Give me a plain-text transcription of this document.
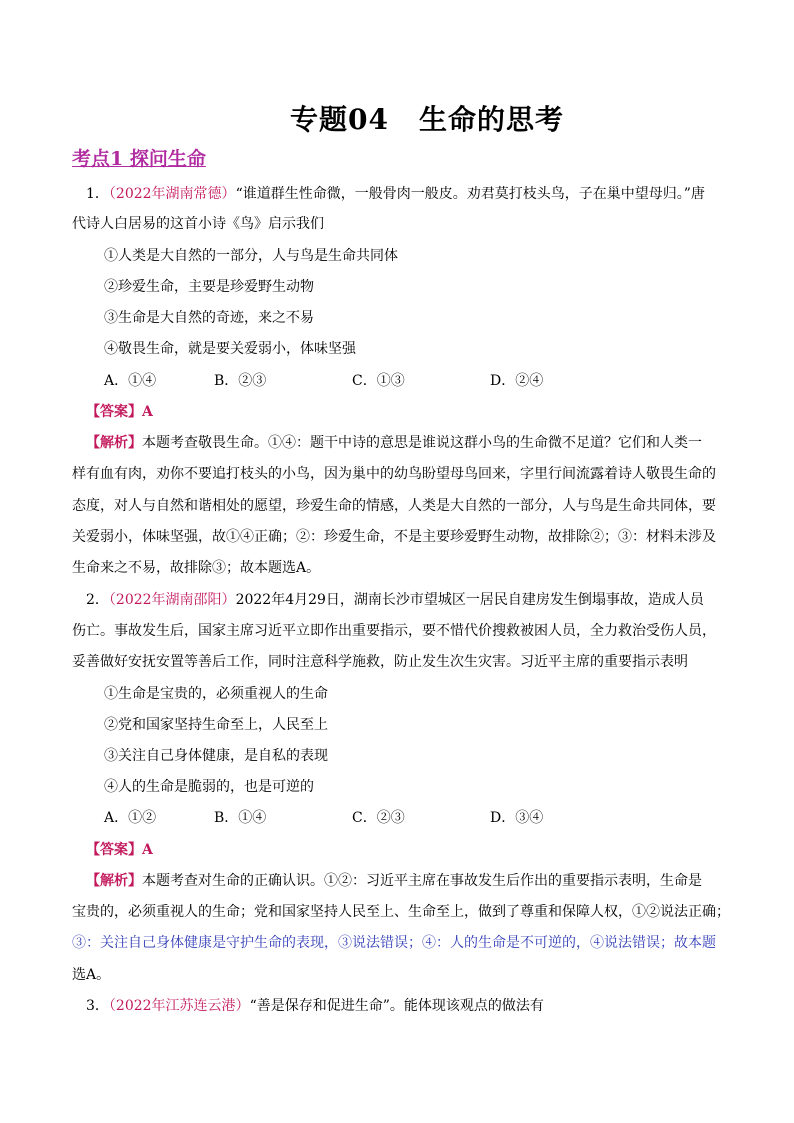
专题04 生命的思考
考点1 探问生命
1．（2022年湖南常德）“谁道群生性命微，一般骨肉一般皮。劝君莫打枝头鸟，子在巢中望母归。”唐
代诗人白居易的这首小诗《鸟》启示我们
①人类是大自然的一部分，人与鸟是生命共同体
②珍爱生命，主要是珍爱野生动物
③生命是大自然的奇迹，来之不易
④敬畏生命，就是要关爱弱小，体味坚强
A．①④	B．②③	C．①③	D．②④
【答案】A
【解析】本题考查敬畏生命。①④：题干中诗的意思是谁说这群小鸟的生命微不足道？它们和人类一
样有血有肉，劝你不要追打枝头的小鸟，因为巢中的幼鸟盼望母鸟回来，字里行间流露着诗人敬畏生命的
态度，对人与自然和谐相处的愿望，珍爱生命的情感，人类是大自然的一部分，人与鸟是生命共同体，要
关爱弱小，体味坚强，故①④正确；②：珍爱生命，不是主要珍爱野生动物，故排除②；③：材料未涉及
生命来之不易，故排除③；故本题选A。
2．（2022年湖南邵阳）2022年4月29日，湖南长沙市望城区一居民自建房发生倒塌事故，造成人员
伤亡。事故发生后，国家主席习近平立即作出重要指示，要不惜代价搜救被困人员，全力救治受伤人员，
妥善做好安抚安置等善后工作，同时注意科学施救，防止发生次生灾害。习近平主席的重要指示表明
①生命是宝贵的，必须重视人的生命
②党和国家坚持生命至上，人民至上
③关注自己身体健康，是自私的表现
④人的生命是脆弱的，也是可逆的
A．①②	B．①④	C．②③	D．③④
【答案】A
【解析】本题考查对生命的正确认识。①②：习近平主席在事故发生后作出的重要指示表明，生命是
宝贵的，必须重视人的生命；党和国家坚持人民至上、生命至上，做到了尊重和保障人权，①②说法正确；
③：关注自己身体健康是守护生命的表现，③说法错误；④：人的生命是不可逆的，④说法错误；故本题
选A。
3．（2022年江苏连云港）“善是保存和促进生命”。能体现该观点的做法有
